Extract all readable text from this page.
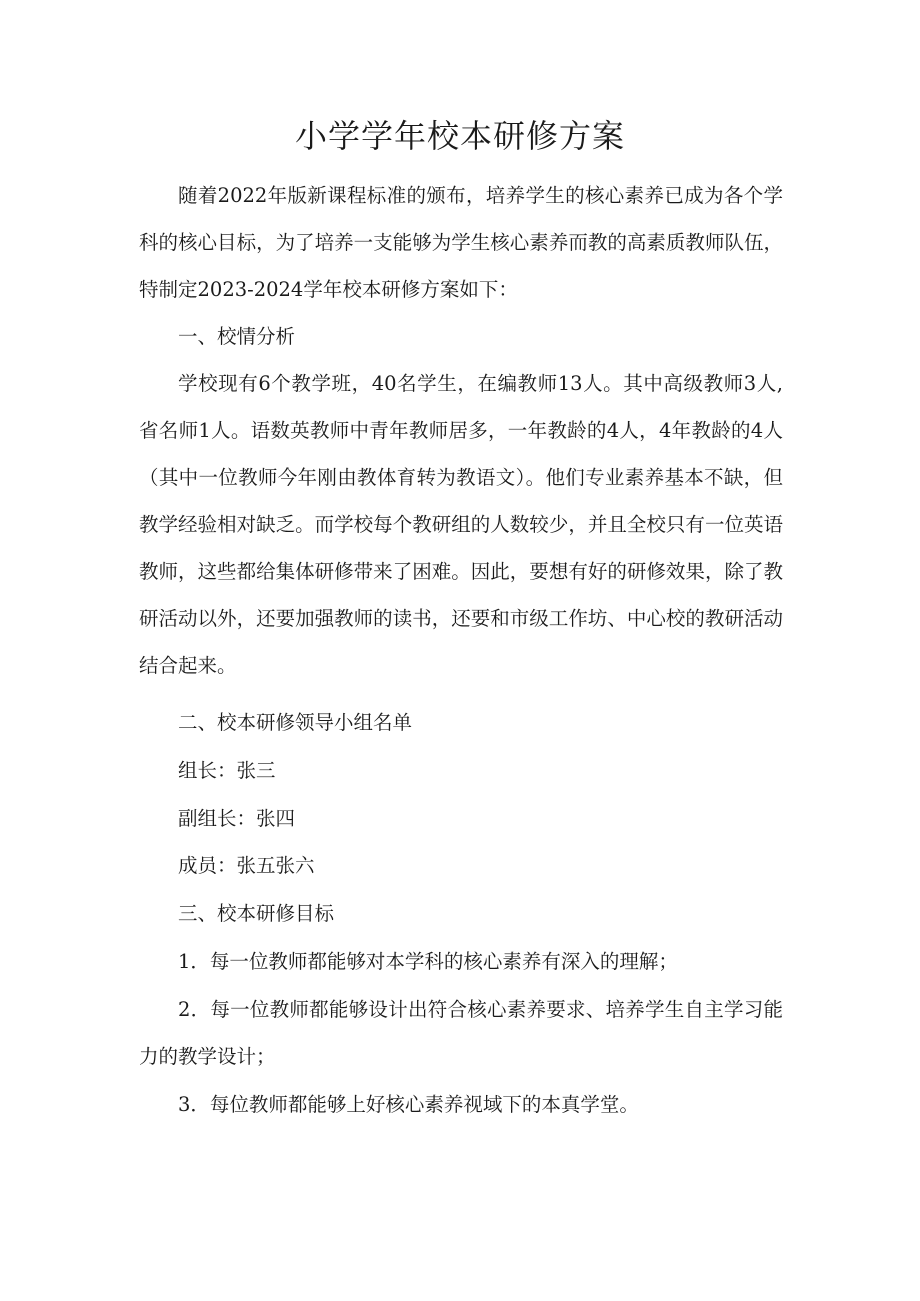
小学学年校本研修方案

随着2022年版新课程标准的颁布，培养学生的核心素养已成为各个学科的核心目标，为了培养一支能够为学生核心素养而教的高素质教师队伍，特制定2023-2024学年校本研修方案如下：

一、校情分析

学校现有6个教学班，40名学生，在编教师13人。其中高级教师3人,省名师1人。语数英教师中青年教师居多，一年教龄的4人，4年教龄的4人（其中一位教师今年刚由教体育转为教语文）。他们专业素养基本不缺，但教学经验相对缺乏。而学校每个教研组的人数较少，并且全校只有一位英语教师，这些都给集体研修带来了困难。因此，要想有好的研修效果，除了教研活动以外，还要加强教师的读书，还要和市级工作坊、中心校的教研活动结合起来。

二、校本研修领导小组名单

组长：张三

副组长：张四

成员：张五张六

三、校本研修目标

1．每一位教师都能够对本学科的核心素养有深入的理解；

2．每一位教师都能够设计出符合核心素养要求、培养学生自主学习能力的教学设计；

3．每位教师都能够上好核心素养视域下的本真学堂。
